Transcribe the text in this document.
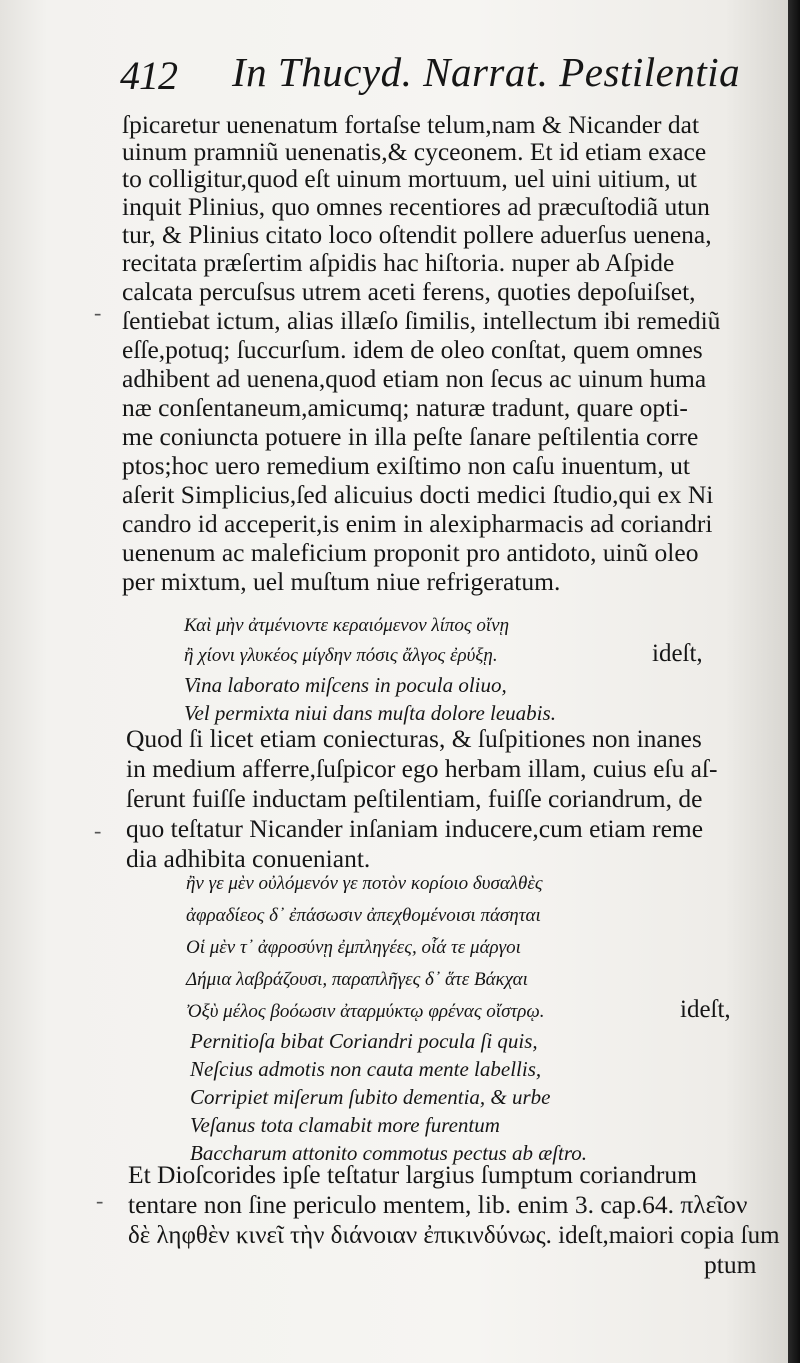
412 In Thucyd. Narrat. Pestilentia
ſpicaretur uenenatum fortaſse telum,nam & Nicander dat
uinum pramniũ uenenatis,& cyceonem. Et id etiam exace
to colligitur,quod eſt uinum mortuum, uel uini uitium, ut
inquit Plinius, quo omnes recentiores ad præcuſtodiã utun
tur, & Plinius citato loco oſtendit pollere aduerſus uenena,
recitata præſertim aſpidis hac hiſtoria. nuper ab Aſpide
calcata percuſsus utrem aceti ferens, quoties depoſuiſset,
ſentiebat ictum, alias illæſo ſimilis, intellectum ibi remediũ
eſſe,potuq; ſuccurſum. idem de oleo conſtat, quem omnes
adhibent ad uenena,quod etiam non ſecus ac uinum huma
næ conſentaneum,amicumq; naturæ tradunt, quare opti-
me coniuncta potuere in illa peſte ſanare peſtilentia corre
ptos;hoc uero remedium exiſtimo non caſu inuentum, ut
aſerit Simplicius,ſed alicuius docti medici ſtudio,qui ex Ni
candro id acceperit,is enim in alexipharmacis ad coriandri
uenenum ac maleficium proponit pro antidoto, uinũ oleo
per mixtum, uel muſtum niue refrigeratum.
Καὶ μὴν ἀτμένιοντε κεραιόμενον λίπος οἴνῃ
ἢ χίονι γλυκέος μίγδην πόσις ἄλγος ἐρύξῃ.	ideſt,
Vina laborato miſcens in pocula oliuo,
Vel permixta niui dans muſta dolore leuabis.
Quod ſi licet etiam coniecturas, & ſuſpitiones non inanes
in medium afferre,ſuſpicor ego herbam illam, cuius eſu aſ-
ſerunt fuiſſe inductam peſtilentiam, fuiſſe coriandrum, de
quo teſtatur Nicander inſaniam inducere,cum etiam reme
dia adhibita conueniant.
ἢν γε μὲν οὐλόμενόν γε ποτὸν κορίοιο δυσαλθὲς
ἀφραδίεος δ᾽ ἐπάσωσιν ἀπεχθομένοισι πάσηται
Οἱ μὲν τ᾽ ἀφροσύνῃ ἐμπληγέες, οἷά τε μάργοι
Δήμια λαβράζουσι, παραπλῆγες δ᾽ ἅτε Βάκχαι
Ὀξὺ μέλος βοόωσιν ἀταρμύκτῳ φρένας οἴστρῳ.	ideſt,
Pernitioſa bibat Coriandri pocula ſi quis,
Neſcius admotis non cauta mente labellis,
Corripiet miſerum ſubito dementia, & urbe
Veſanus tota clamabit more furentum
Baccharum attonito commotus pectus ab æſtro.
Et Dioſcorides ipſe teſtatur largius ſumptum coriandrum
tentare non ſine periculo mentem, lib. enim 3. cap.64. πλεῖον
δὲ ληφθὲν κινεῖ τὴν διάνοιαν ἐπικινδύνως. ideſt,maiori copia ſum
ptum
-
-
-
